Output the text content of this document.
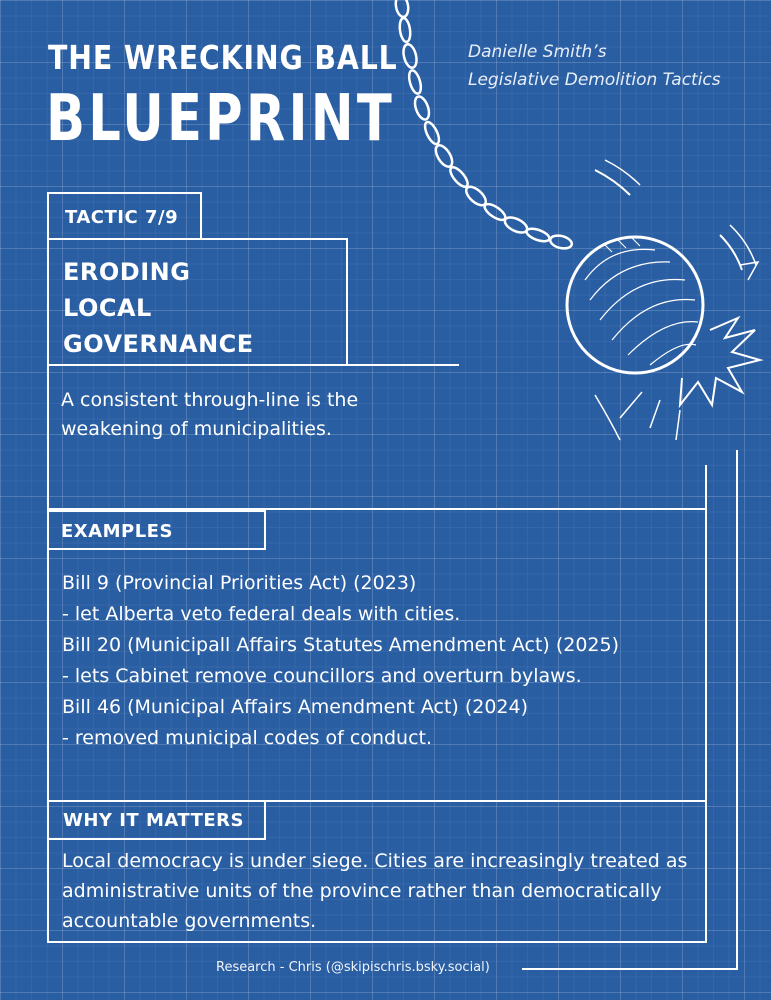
THE WRECKING BALL
BLUEPRINT
Danielle Smith’s
Legislative Demolition Tactics
TACTIC 7/9
ERODING
LOCAL
GOVERNANCE
A consistent through-line is the
weakening of municipalities.
EXAMPLES
Bill 9 (Provincial Priorities Act) (2023)
- let Alberta veto federal deals with cities.
Bill 20 (Municipall Affairs Statutes Amendment Act) (2025)
- lets Cabinet remove councillors and overturn bylaws.
Bill 46 (Municipal Affairs Amendment Act) (2024)
- removed municipal codes of conduct.
WHY IT MATTERS
Local democracy is under siege. Cities are increasingly treated as administrative units of the province rather than democratically accountable governments.
Research - Chris (@skipischris.bsky.social)
